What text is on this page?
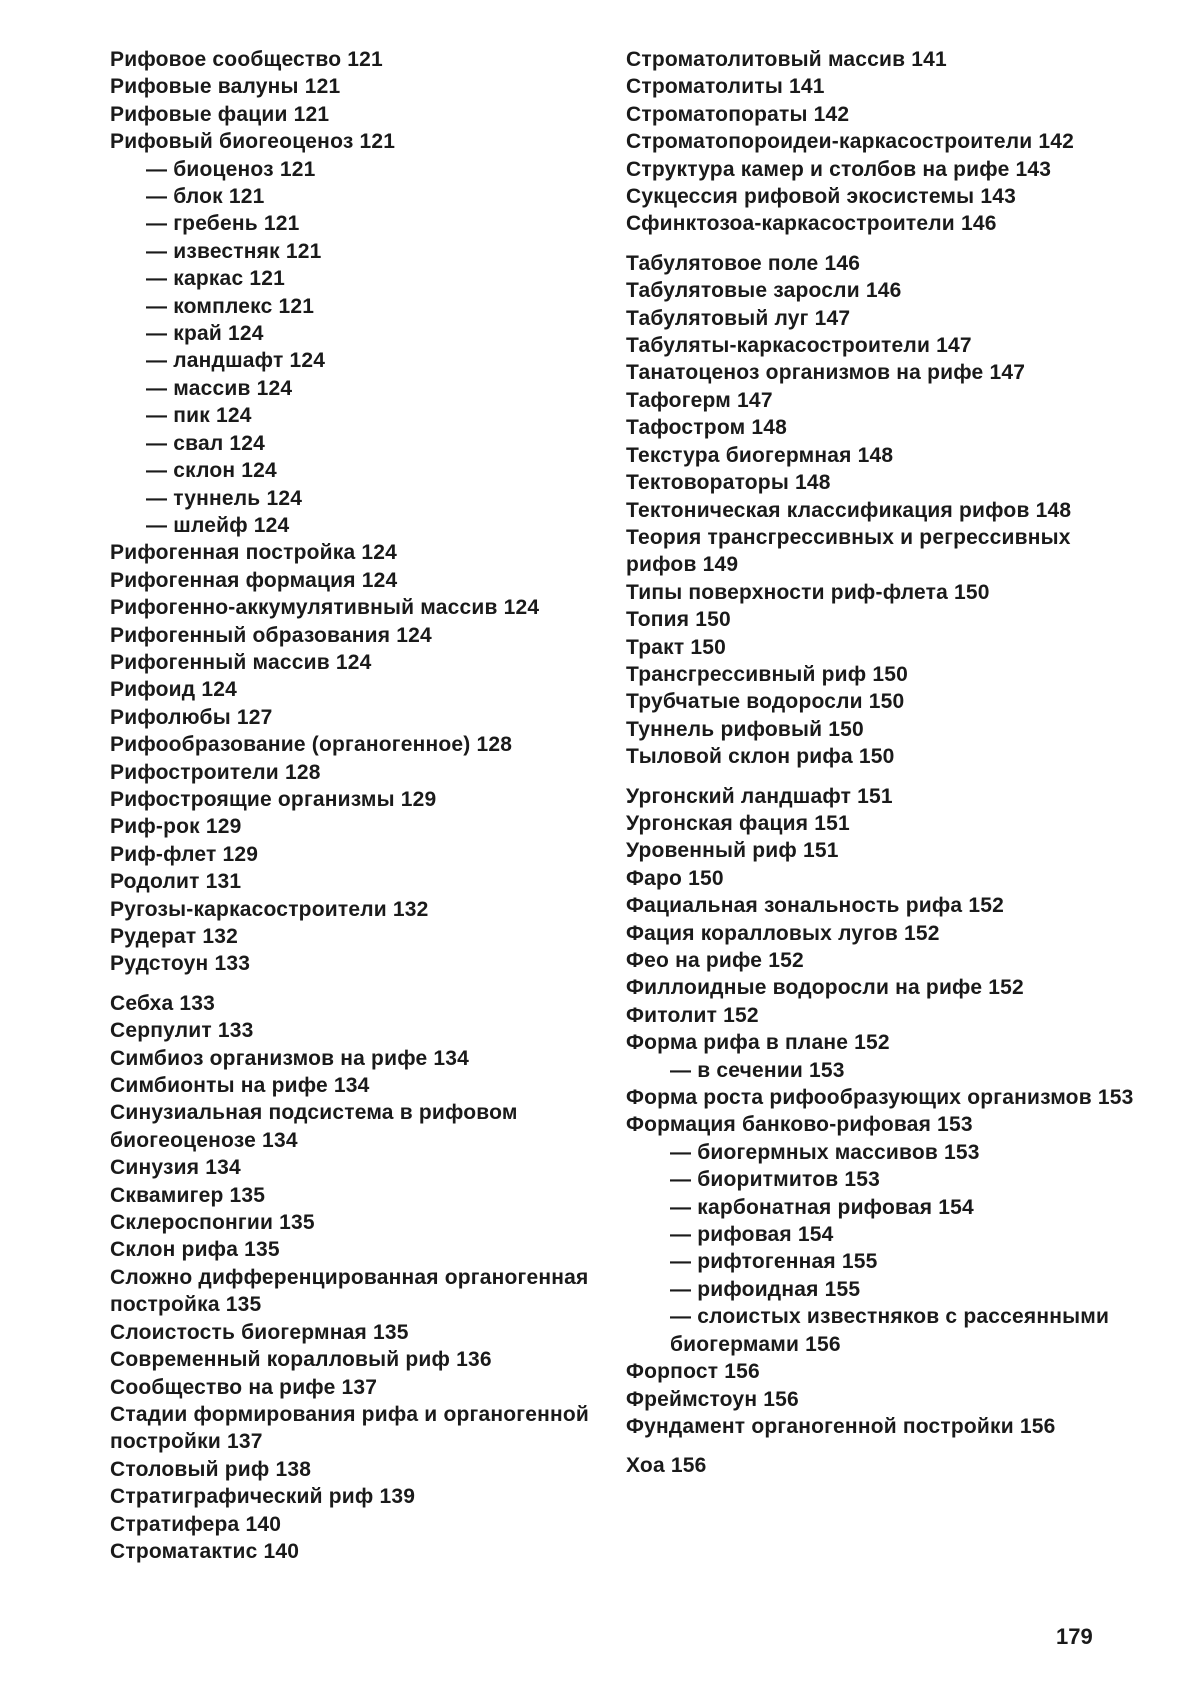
Рифовое сообщество 121
Рифовые валуны 121
Рифовые фации 121
Рифовый биогеоценоз 121
— биоценоз 121
— блок 121
— гребень 121
— известняк 121
— каркас 121
— комплекс 121
— край 124
— ландшафт 124
— массив 124
— пик 124
— свал 124
— склон 124
— туннель 124
— шлейф 124
Рифогенная постройка 124
Рифогенная формация 124
Рифогенно-аккумулятивный массив 124
Рифогенный образования 124
Рифогенный массив 124
Рифоид 124
Рифолюбы 127
Рифообразование (органогенное) 128
Рифостроители 128
Рифостроящие организмы 129
Риф-рок 129
Риф-флет 129
Родолит 131
Ругозы-каркасостроители 132
Рудерат 132
Рудстоун 133
Себха 133
Серпулит 133
Симбиоз организмов на рифе 134
Симбионты на рифе 134
Синузиальная подсистема в рифовом биогеоценозе 134
Синузия 134
Сквамигер 135
Склероспонгии 135
Склон рифа 135
Сложно дифференцированная органогенная постройка 135
Слоистость биогермная 135
Современный коралловый риф 136
Сообщество на рифе 137
Стадии формирования рифа и органогенной постройки 137
Столовый риф 138
Стратиграфический риф 139
Стратифера 140
Строматактис 140
Строматолитовый массив 141
Строматолиты 141
Строматопораты 142
Строматопороидеи-каркасостроители 142
Структура камер и столбов на рифе 143
Сукцессия рифовой экосистемы 143
Сфинктозоа-каркасостроители 146
Табулятовое поле 146
Табулятовые заросли 146
Табулятовый луг 147
Табуляты-каркасостроители 147
Танатоценоз организмов на рифе 147
Тафогерм 147
Тафостром 148
Текстура биогермная 148
Тектовораторы 148
Тектоническая классификация рифов 148
Теория трансгрессивных и регрессивных рифов 149
Типы поверхности риф-флета 150
Топия 150
Тракт 150
Трансгрессивный риф 150
Трубчатые водоросли 150
Туннель рифовый 150
Тыловой склон рифа 150
Ургонский ландшафт 151
Ургонская фация 151
Уровенный риф 151
Фаро 150
Фациальная зональность рифа 152
Фация коралловых лугов 152
Фео на рифе 152
Филлоидные водоросли на рифе 152
Фитолит 152
Форма рифа в плане 152
— в сечении 153
Форма роста рифообразующих организмов 153
Формация банково-рифовая 153
— биогермных массивов 153
— биоритмитов 153
— карбонатная рифовая 154
— рифовая 154
— рифтогенная 155
— рифоидная 155
— слоистых известняков с рассеянными биогермами 156
Форпост 156
Фреймстоун 156
Фундамент органогенной постройки 156
Хоа 156
179
